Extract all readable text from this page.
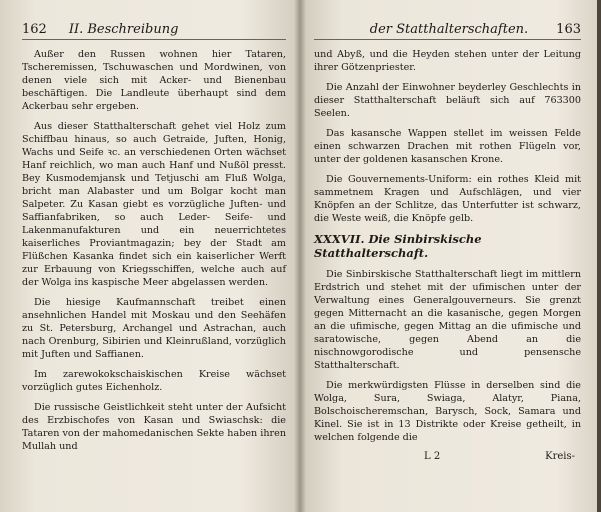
162 II. Beschreibung

Außer den Russen wohnen hier Tataren, Tscheremissen, Tschuwaschen und Mordwinen, von denen viele sich mit Acker- und Bienenbau beschäftigen. Die Landleute überhaupt sind dem Ackerbau sehr ergeben.

Aus dieser Statthalterschaft gehet viel Holz zum Schiffbau hinaus, so auch Getraide, Juften, Honig, Wachs und Seife ꝛc. an verschiedenen Orten wächset Hanf reichlich, wo man auch Hanf und Nußöl presst. Bey Kusmodemjansk und Tetjuschi am Fluß Wolga, bricht man Alabaster und um Bolgar kocht man Salpeter. Zu Kasan giebt es vorzügliche Juften- und Saffianfabriken, so auch Leder- Seife- und Lakenmanufakturen und ein neuerrichtetes kaiserliches Proviantmagazin; bey der Stadt am Flüßchen Kasanka findet sich ein kaiserlicher Werft zur Erbauung von Kriegsschiffen, welche auch auf der Wolga ins kaspische Meer abgelassen werden.

Die hiesige Kaufmannschaft treibet einen ansehnlichen Handel mit Moskau und den Seehäfen zu St. Petersburg, Archangel und Astrachan, auch nach Orenburg, Sibirien und Kleinrußland, vorzüglich mit Juften und Saffianen.

Im zarewokokschaiskischen Kreise wächset vorzüglich gutes Eichenholz.

Die russische Geistlichkeit steht unter der Aufsicht des Erzbischofes von Kasan und Swiaschsk: die Tataren von der mahomedanischen Sekte haben ihren Mullah und

der Statthalterschaften. 163

und Abyß, und die Heyden stehen unter der Leitung ihrer Götzenpriester.

Die Anzahl der Einwohner beyderley Geschlechts in dieser Statthalterschaft beläuft sich auf 763300 Seelen.

Das kasansche Wappen stellet im weissen Felde einen schwarzen Drachen mit rothen Flügeln vor, unter der goldenen kasanschen Krone.

Die Gouvernements-Uniform: ein rothes Kleid mit sammetnem Kragen und Aufschlägen, und vier Knöpfen an der Schlitze, das Unterfutter ist schwarz, die Weste weiß, die Knöpfe gelb.

XXXVII. Die Sinbirskische Statthalterschaft.

Die Sinbirskische Statthalterschaft liegt im mittlern Erdstrich und stehet mit der ufimischen unter der Verwaltung eines Generalgouverneurs. Sie grenzt gegen Mitternacht an die kasanische, gegen Morgen an die ufimische, gegen Mittag an die ufimische und saratowische, gegen Abend an die nischnowgorodische und pensensche Statthalterschaft.

Die merkwürdigsten Flüsse in derselben sind die Wolga, Sura, Swiaga, Alatyr, Piana, Bolschoischeremschan, Barysch, Sock, Samara und Kinel. Sie ist in 13 Distrikte oder Kreise getheilt, in welchen folgende die

L 2	Kreis-
